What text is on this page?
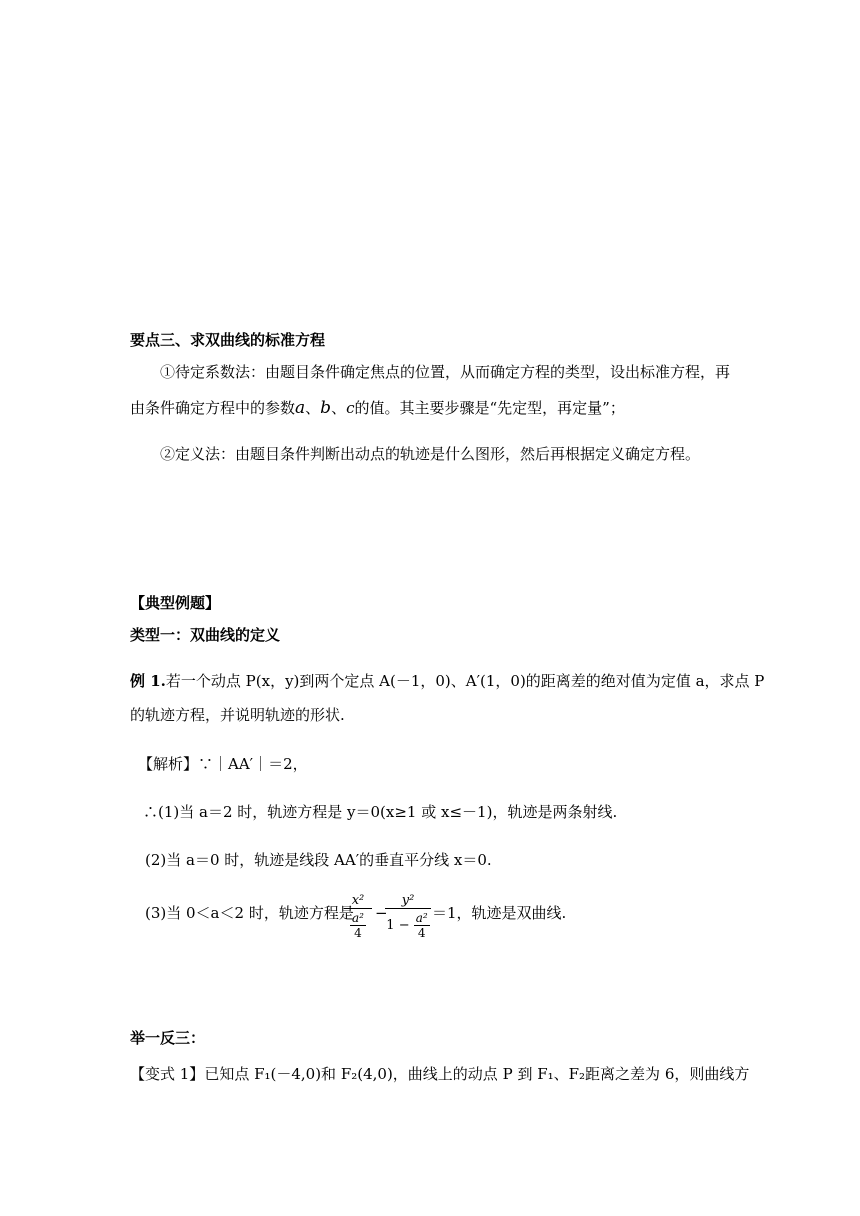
要点三、求双曲线的标准方程
①待定系数法：由题目条件确定焦点的位置，从而确定方程的类型，设出标准方程，再
由条件确定方程中的参数a、b、c的值。其主要步骤是“先定型，再定量”；
②定义法：由题目条件判断出动点的轨迹是什么图形，然后再根据定义确定方程。
【典型例题】
类型一：双曲线的定义
例 1.若一个动点 P(x，y)到两个定点 A(－1，0)、A′(1，0)的距离差的绝对值为定值 a，求点 P
的轨迹方程，并说明轨迹的形状.
【解析】∵｜AA′｜＝2，
∴(1)当 a＝2 时，轨迹方程是 y＝0(x≥1 或 x≤－1)，轨迹是两条射线.
(2)当 a＝0 时，轨迹是线段 AA′的垂直平分线 x＝0.
(3)当 0＜a＜2 时，轨迹方程是
$\frac{\text{x²}}{\frac{\text{a²}}{4}}$ −
$\frac{\text{y²}}{1 - \frac{\text{a²}}{4}} =1$，轨迹是双曲线.
举一反三：
【变式 1】已知点 F₁(－4,0)和 F₂(4,0)，曲线上的动点 P 到 F₁、F₂距离之差为 6，则曲线方
